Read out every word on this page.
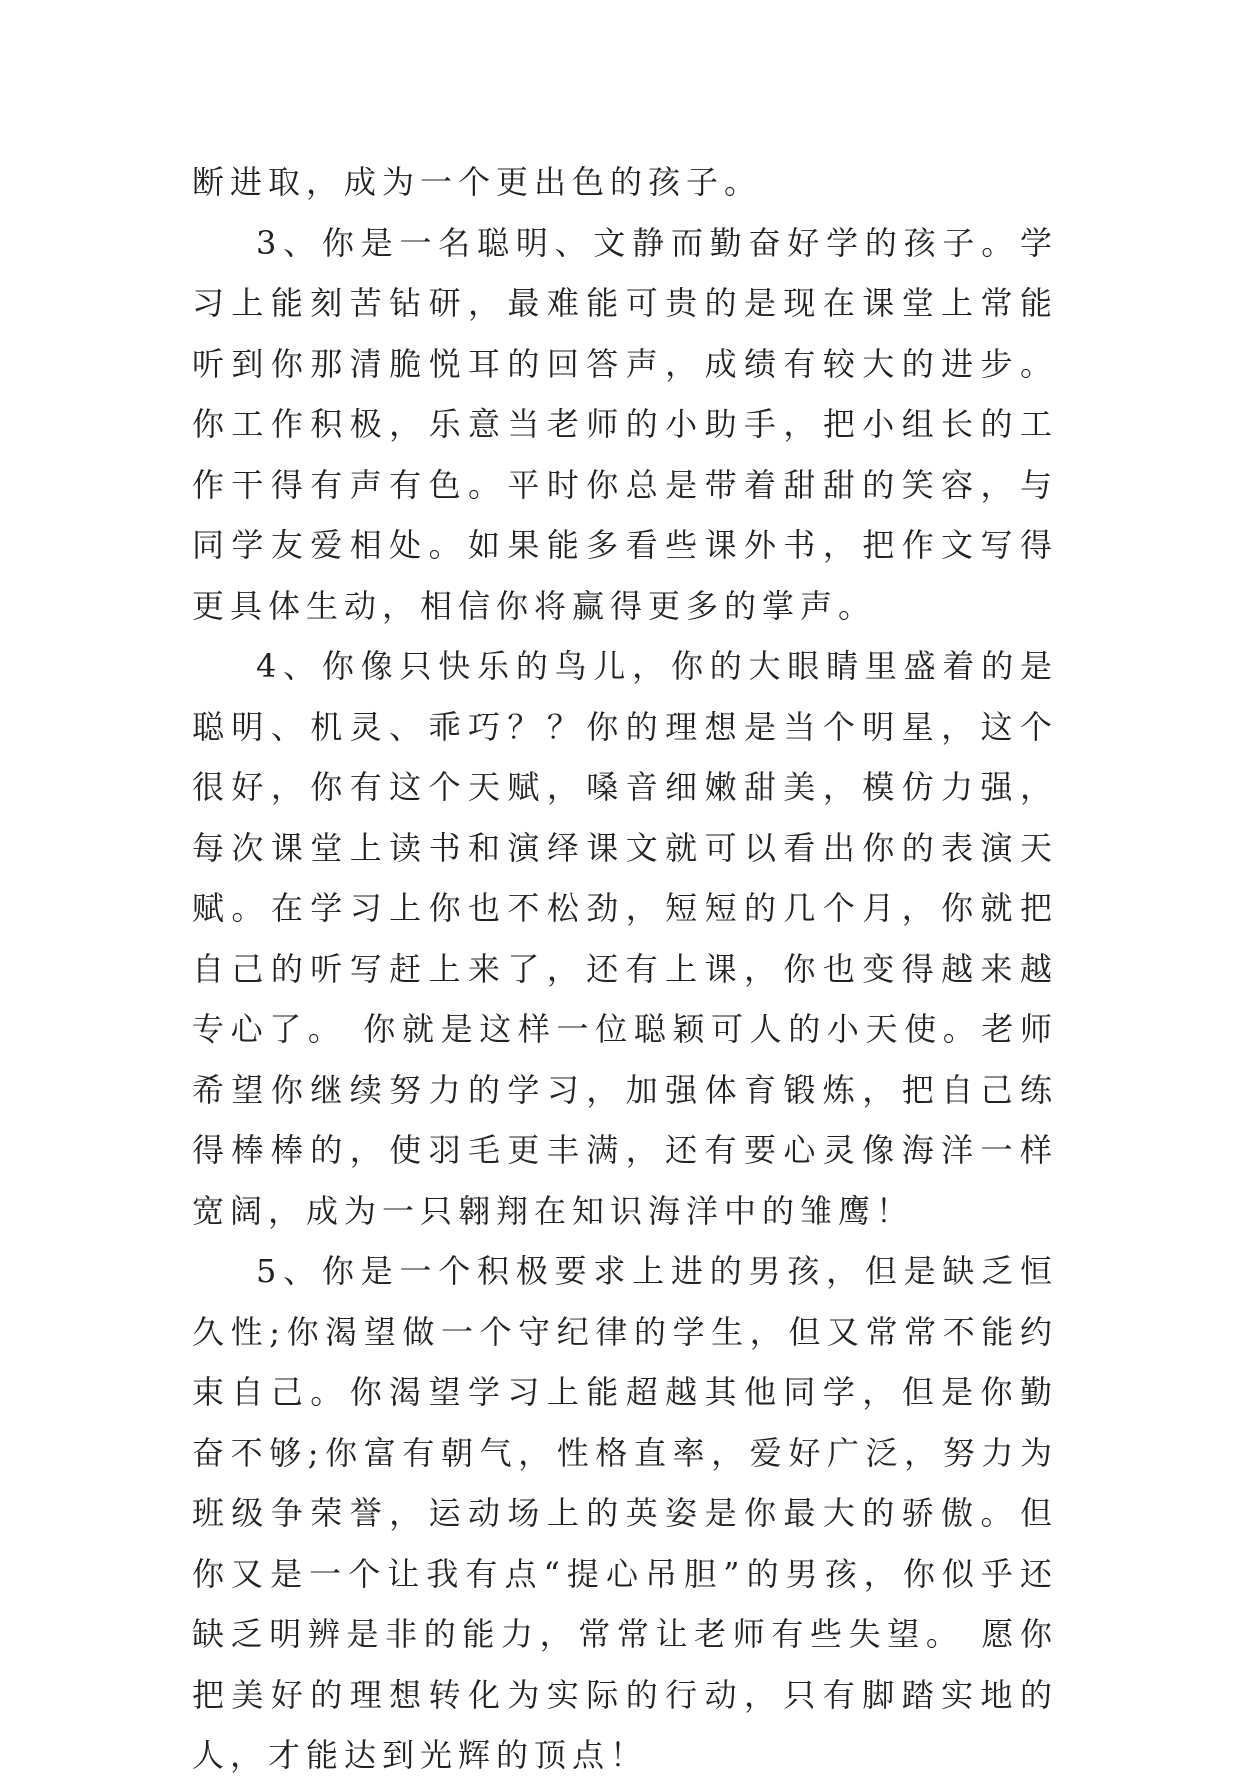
断进取，成为一个更出色的孩子。

3、你是一名聪明、文静而勤奋好学的孩子。学习上能刻苦钻研，最难能可贵的是现在课堂上常能听到你那清脆悦耳的回答声，成绩有较大的进步。你工作积极，乐意当老师的小助手，把小组长的工作干得有声有色。平时你总是带着甜甜的笑容，与同学友爱相处。如果能多看些课外书，把作文写得更具体生动，相信你将赢得更多的掌声。

4、你像只快乐的鸟儿，你的大眼睛里盛着的是聪明、机灵、乖巧？？你的理想是当个明星，这个很好，你有这个天赋，嗓音细嫩甜美，模仿力强，每次课堂上读书和演绎课文就可以看出你的表演天赋。在学习上你也不松劲，短短的几个月，你就把自己的听写赶上来了，还有上课，你也变得越来越专心了。 你就是这样一位聪颖可人的小天使。老师希望你继续努力的学习，加强体育锻炼，把自己练得棒棒的，使羽毛更丰满，还有要心灵像海洋一样宽阔，成为一只翱翔在知识海洋中的雏鹰！

5、你是一个积极要求上进的男孩，但是缺乏恒久性;你渴望做一个守纪律的学生，但又常常不能约束自己。你渴望学习上能超越其他同学，但是你勤奋不够;你富有朝气，性格直率，爱好广泛，努力为班级争荣誉，运动场上的英姿是你最大的骄傲。但你又是一个让我有点“提心吊胆”的男孩，你似乎还缺乏明辨是非的能力，常常让老师有些失望。 愿你把美好的理想转化为实际的行动，只有脚踏实地的人，才能达到光辉的顶点！
